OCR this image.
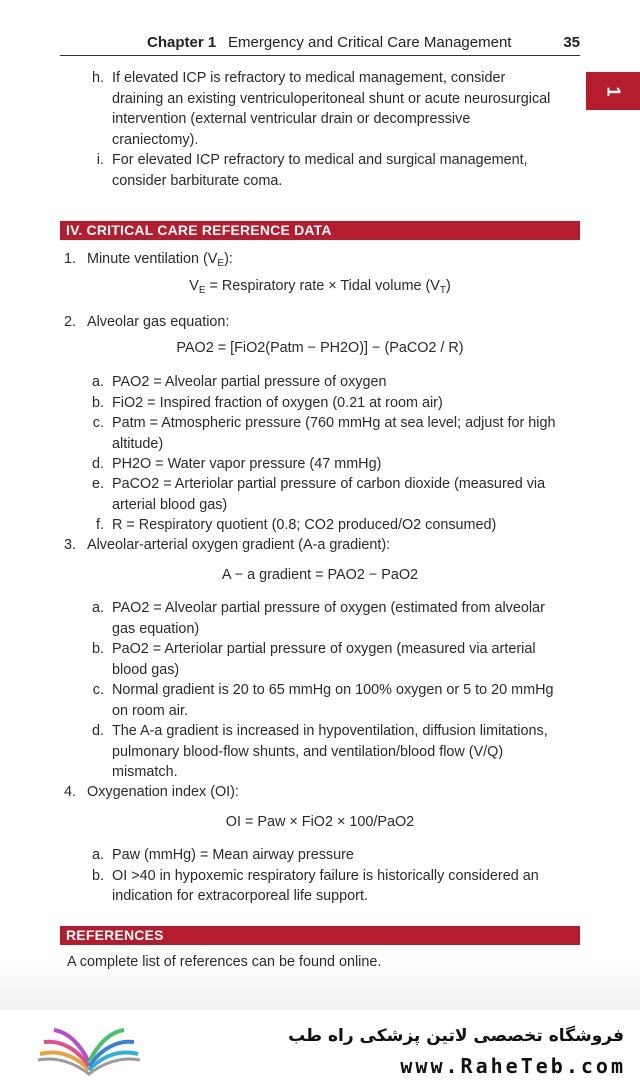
Chapter 1 Emergency and Critical Care Management	35
1
h. If elevated ICP is refractory to medical management, consider
draining an existing ventriculoperitoneal shunt or acute neurosurgical
intervention (external ventricular drain or decompressive
craniectomy).
i. For elevated ICP refractory to medical and surgical management,
consider barbiturate coma.
IV. CRITICAL CARE REFERENCE DATA
1. Minute ventilation $(V_E)$:
$V_E$ = Respiratory rate × Tidal volume $(V_T)$
2. Alveolar gas equation:
PAO2 = [FiO2(Patm − PH2O)] − (PaCO2 / R)
a. PAO2 = Alveolar partial pressure of oxygen
b. FiO2 = Inspired fraction of oxygen (0.21 at room air)
c. Patm = Atmospheric pressure (760 mmHg at sea level; adjust for high
altitude)
d. PH2O = Water vapor pressure (47 mmHg)
e. PaCO2 = Arteriolar partial pressure of carbon dioxide (measured via
arterial blood gas)
f. R = Respiratory quotient (0.8; CO2 produced/O2 consumed)
3. Alveolar-arterial oxygen gradient (A-a gradient):
A − a gradient = PAO2 − PaO2
a. PAO2 = Alveolar partial pressure of oxygen (estimated from alveolar
gas equation)
b. PaO2 = Arteriolar partial pressure of oxygen (measured via arterial
blood gas)
c. Normal gradient is 20 to 65 mmHg on 100% oxygen or 5 to 20 mmHg
on room air.
d. The A-a gradient is increased in hypoventilation, diffusion limitations,
pulmonary blood-flow shunts, and ventilation/blood flow (V/Q)
mismatch.
4. Oxygenation index (OI):
OI = Paw × FiO2 × 100/PaO2
a. Paw (mmHg) = Mean airway pressure
b. OI >40 in hypoxemic respiratory failure is historically considered an
indication for extracorporeal life support.
REFERENCES
A complete list of references can be found online.
فروشگاه تخصصی لاتین پزشکی راه طب
www.RaheTeb.com
